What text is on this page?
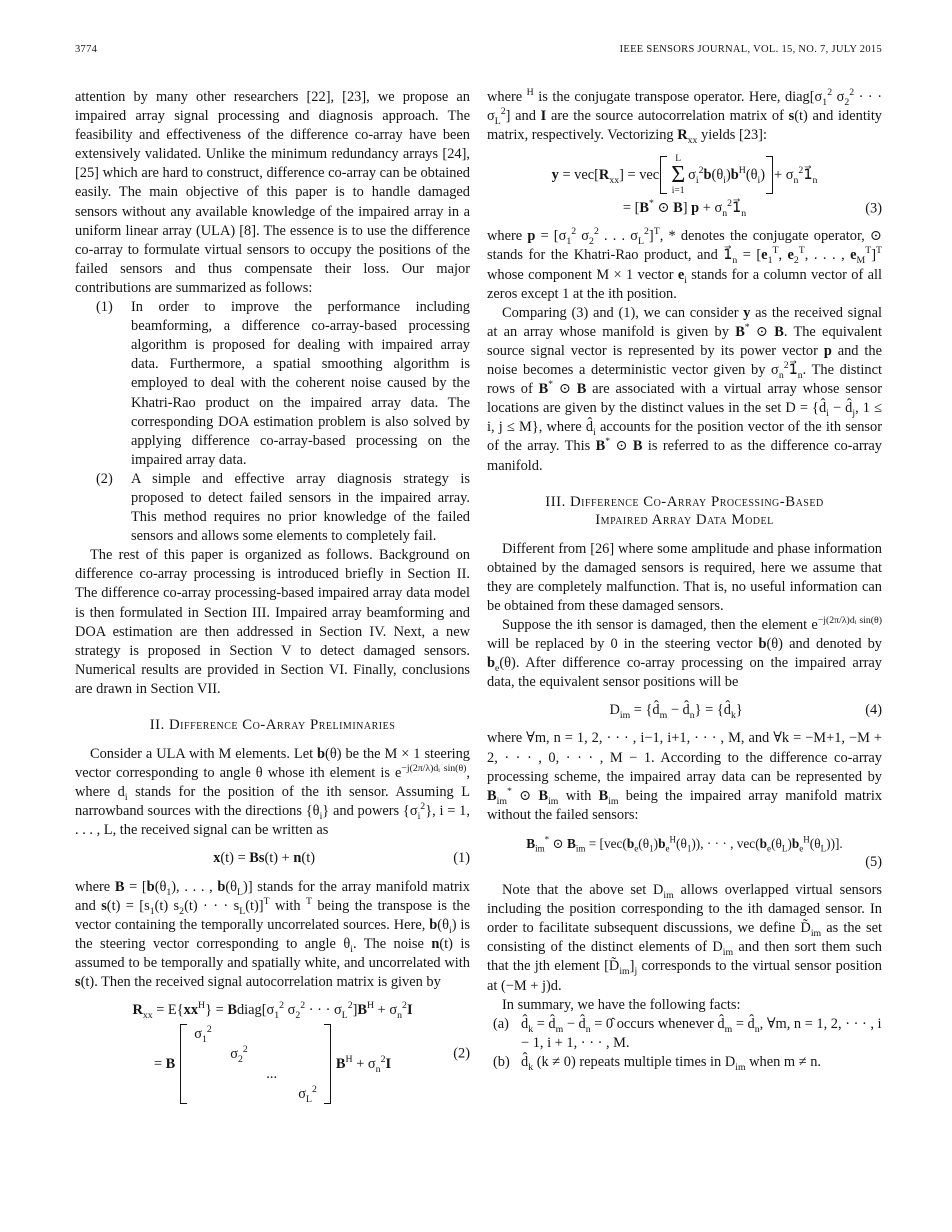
3774	IEEE SENSORS JOURNAL, VOL. 15, NO. 7, JULY 2015

attention by many other researchers [22], [23], we propose an impaired array signal processing and diagnosis approach. The feasibility and effectiveness of the difference co-array have been extensively validated. Unlike the minimum redundancy arrays [24], [25] which are hard to construct, difference co-array can be obtained easily. The main objective of this paper is to handle damaged sensors without any available knowledge of the impaired array in a uniform linear array (ULA) [8]. The essence is to use the difference co-array to formulate virtual sensors to occupy the positions of the failed sensors and thus compensate their loss. Our major contributions are summarized as follows:

(1) In order to improve the performance including beamforming, a difference co-array-based processing algorithm is proposed for dealing with impaired array data. Furthermore, a spatial smoothing algorithm is employed to deal with the coherent noise caused by the Khatri-Rao product on the impaired array data. The corresponding DOA estimation problem is also solved by applying difference co-array-based processing on the impaired array data.
(2) A simple and effective array diagnosis strategy is proposed to detect failed sensors in the impaired array. This method requires no prior knowledge of the failed sensors and allows some elements to completely fail.

The rest of this paper is organized as follows. Background on difference co-array processing is introduced briefly in Section II. The difference co-array processing-based impaired array data model is then formulated in Section III. Impaired array beamforming and DOA estimation are then addressed in Section IV. Next, a new strategy is proposed in Section V to detect damaged sensors. Numerical results are provided in Section VI. Finally, conclusions are drawn in Section VII.

II. Difference Co-Array Preliminaries

Consider a ULA with M elements. Let b(θ) be the M × 1 steering vector corresponding to angle θ whose ith element is $e^{-j(2\pi/\lambda)dᵢ sin(\theta)}$, where $d_i$ stands for the position of the ith sensor. Assuming L narrowband sources with the directions $\{\theta_i\}$ and powers $\{\sigma_i^2\}$, i = 1, . . . , L, the received signal can be written as

x(t) = Bs(t) + n(t)	(1)

where $B = [b(\theta_1)$, . . . , $b(\theta_L)$] stands for the array manifold matrix and $s(t) = [s_1(t) s_2(t)$ · · · $s_L(t)]^T$ with $^T$ being the transpose is the vector containing the temporally uncorrelated sources. Here, $b(\theta_i)$ is the steering vector corresponding to angle $\theta_i$. The noise n(t) is assumed to be temporally and spatially white, and uncorrelated with s(t). Then the received signal autocorrelation matrix is given by

$R_{xx} = E\{xx^H\}$ = $Bdiag[\sigma_1^2$ $\sigma_2^2$ · · · $\sigma_L^2]B^H + \sigma_n^2I$
= B
$\sigma_1^2$
$\sigma_2^2$
...
$\sigma_L^2$
$B^H + \sigma_n^2I$
(2)

where $^H$ is the conjugate transpose operator. Here, $diag[\sigma_1^2$ $\sigma_2^2$ · · · $\sigma_L^2$] and I are the source autocorrelation matrix of s(t) and identity matrix, respectively. Vectorizing $R_{xx}$ yields [23]:

$y = vec[R_{xx}]$ = vec
L
Σ
i=1
$\sigma_i^2b(\theta_i)b^H(\theta_i)$ + $\sigma_n^21⃗_n$
= [B* ⊙ B] $p + \sigma_n^21⃗_n$	(3)

where $p = [\sigma_1^2$ $\sigma_2^2$ . . . $\sigma_L^2]^T$, * denotes the conjugate operator, ⊙ stands for the Khatri-Rao product, and $1⃗_n = [e_1^T$, $e_2^T$, . . . , $e_M^T]^T$ whose component M × 1 vector $e_i$ stands for a column vector of all zeros except 1 at the ith position.

Comparing (3) and (1), we can consider y as the received signal at an array whose manifold is given by B* ⊙ B. The equivalent source signal vector is represented by its power vector p and the noise becomes a deterministic vector given by $\sigma_n^21⃗_n$. The distinct rows of B* ⊙ B are associated with a virtual array whose sensor locations are given by the distinct values in the set $D = \{d̂_i$ − $d̂_j$, 1 ≤ i, j ≤ M}, where $d̂_i$ accounts for the position vector of the ith sensor of the array. This B* ⊙ B is referred to as the difference co-array manifold.

III. Difference Co-Array Processing-Based
Impaired Array Data Model

Different from [26] where some amplitude and phase information obtained by the damaged sensors is required, here we assume that they are completely malfunction. That is, no useful information can be obtained from these damaged sensors.

Suppose the ith sensor is damaged, then the element $e^{-j(2\pi/\lambda)dᵢ sin(\theta)}$ will be replaced by 0 in the steering vector b(θ) and denoted by $b_e(\theta)$. After difference co-array processing on the impaired array data, the equivalent sensor positions will be

$D_{im}$ = {$d̂_m$ − $d̂_n$} = $\{d̂_k\}$	(4)

where ∀m, n = 1, 2, · · · , i−1, i+1, · · · , M, and ∀k = −M+1, −M + 2, · · · , 0, · · · , M − 1. According to the difference co-array processing scheme, the impaired array data can be represented by $B_{im}^*$ ⊙ $B_{im}$ with $B_{im}$ being the impaired array manifold matrix without the failed sensors:

$B_{im}^*$ ⊙ $B_{im} = [vec(b_e(\theta_1)b_e^H(\theta_1))$, · · · , $vec(b_e(\theta_L)b_e^H(\theta_L))$].
(5)

Note that the above set $D_{im}$ allows overlapped virtual sensors including the position corresponding to the ith damaged sensor. In order to facilitate subsequent discussions, we define $D̃_{im}$ as the set consisting of the distinct elements of $D_{im}$ and then sort them such that the jth element $[D̃_{im}]_j$ corresponds to the virtual sensor position at (−M + j)d.

In summary, we have the following facts:

(a) $d̂_k$ = $d̂_m$ − $d̂_n$ = 0̂ occurs whenever $d̂_m$ = $d̂_n$, ∀m, n = 1, 2, · · · , i − 1, i + 1, · · · , M.
(b) $d̂_k$ (k ≠ 0) repeats multiple times in $D_{im}$ when m ≠ n.
